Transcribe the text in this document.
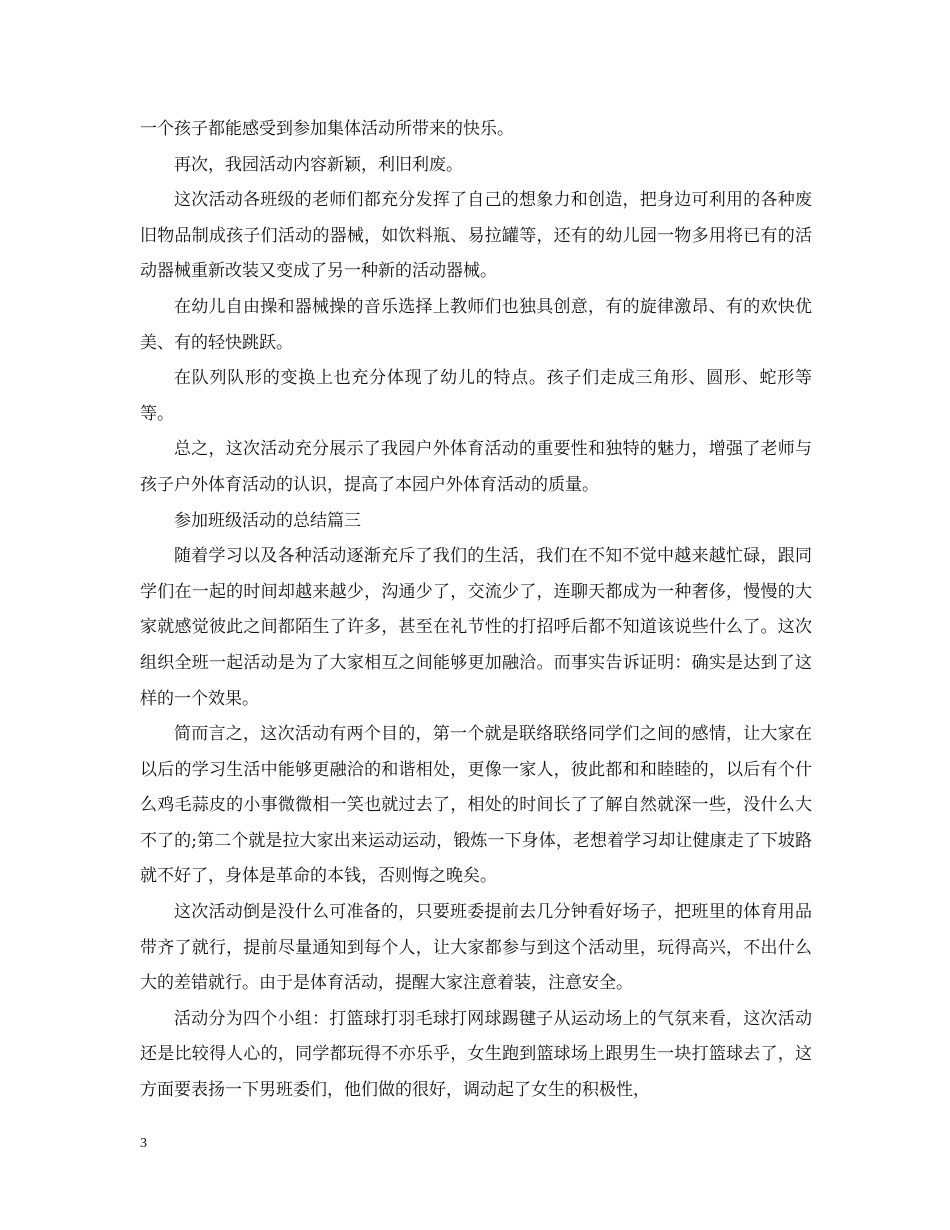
一个孩子都能感受到参加集体活动所带来的快乐。

再次，我园活动内容新颖，利旧利废。

这次活动各班级的老师们都充分发挥了自己的想象力和创造，把身边可利用的各种废旧物品制成孩子们活动的器械，如饮料瓶、易拉罐等，还有的幼儿园一物多用将已有的活动器械重新改装又变成了另一种新的活动器械。

在幼儿自由操和器械操的音乐选择上教师们也独具创意，有的旋律激昂、有的欢快优美、有的轻快跳跃。

在队列队形的变换上也充分体现了幼儿的特点。孩子们走成三角形、圆形、蛇形等等。

总之，这次活动充分展示了我园户外体育活动的重要性和独特的魅力，增强了老师与孩子户外体育活动的认识，提高了本园户外体育活动的质量。

参加班级活动的总结篇三

随着学习以及各种活动逐渐充斥了我们的生活，我们在不知不觉中越来越忙碌，跟同学们在一起的时间却越来越少，沟通少了，交流少了，连聊天都成为一种奢侈，慢慢的大家就感觉彼此之间都陌生了许多，甚至在礼节性的打招呼后都不知道该说些什么了。这次组织全班一起活动是为了大家相互之间能够更加融洽。而事实告诉证明：确实是达到了这样的一个效果。

简而言之，这次活动有两个目的，第一个就是联络联络同学们之间的感情，让大家在以后的学习生活中能够更融洽的和谐相处，更像一家人，彼此都和和睦睦的，以后有个什么鸡毛蒜皮的小事微微相一笑也就过去了，相处的时间长了了解自然就深一些，没什么大不了的;第二个就是拉大家出来运动运动，锻炼一下身体，老想着学习却让健康走了下坡路就不好了，身体是革命的本钱，否则悔之晚矣。

这次活动倒是没什么可准备的，只要班委提前去几分钟看好场子，把班里的体育用品带齐了就行，提前尽量通知到每个人，让大家都参与到这个活动里，玩得高兴，不出什么大的差错就行。由于是体育活动，提醒大家注意着装，注意安全。

活动分为四个小组：打篮球打羽毛球打网球踢毽子从运动场上的气氛来看，这次活动还是比较得人心的，同学都玩得不亦乐乎，女生跑到篮球场上跟男生一块打篮球去了，这方面要表扬一下男班委们，他们做的很好，调动起了女生的积极性，

3
